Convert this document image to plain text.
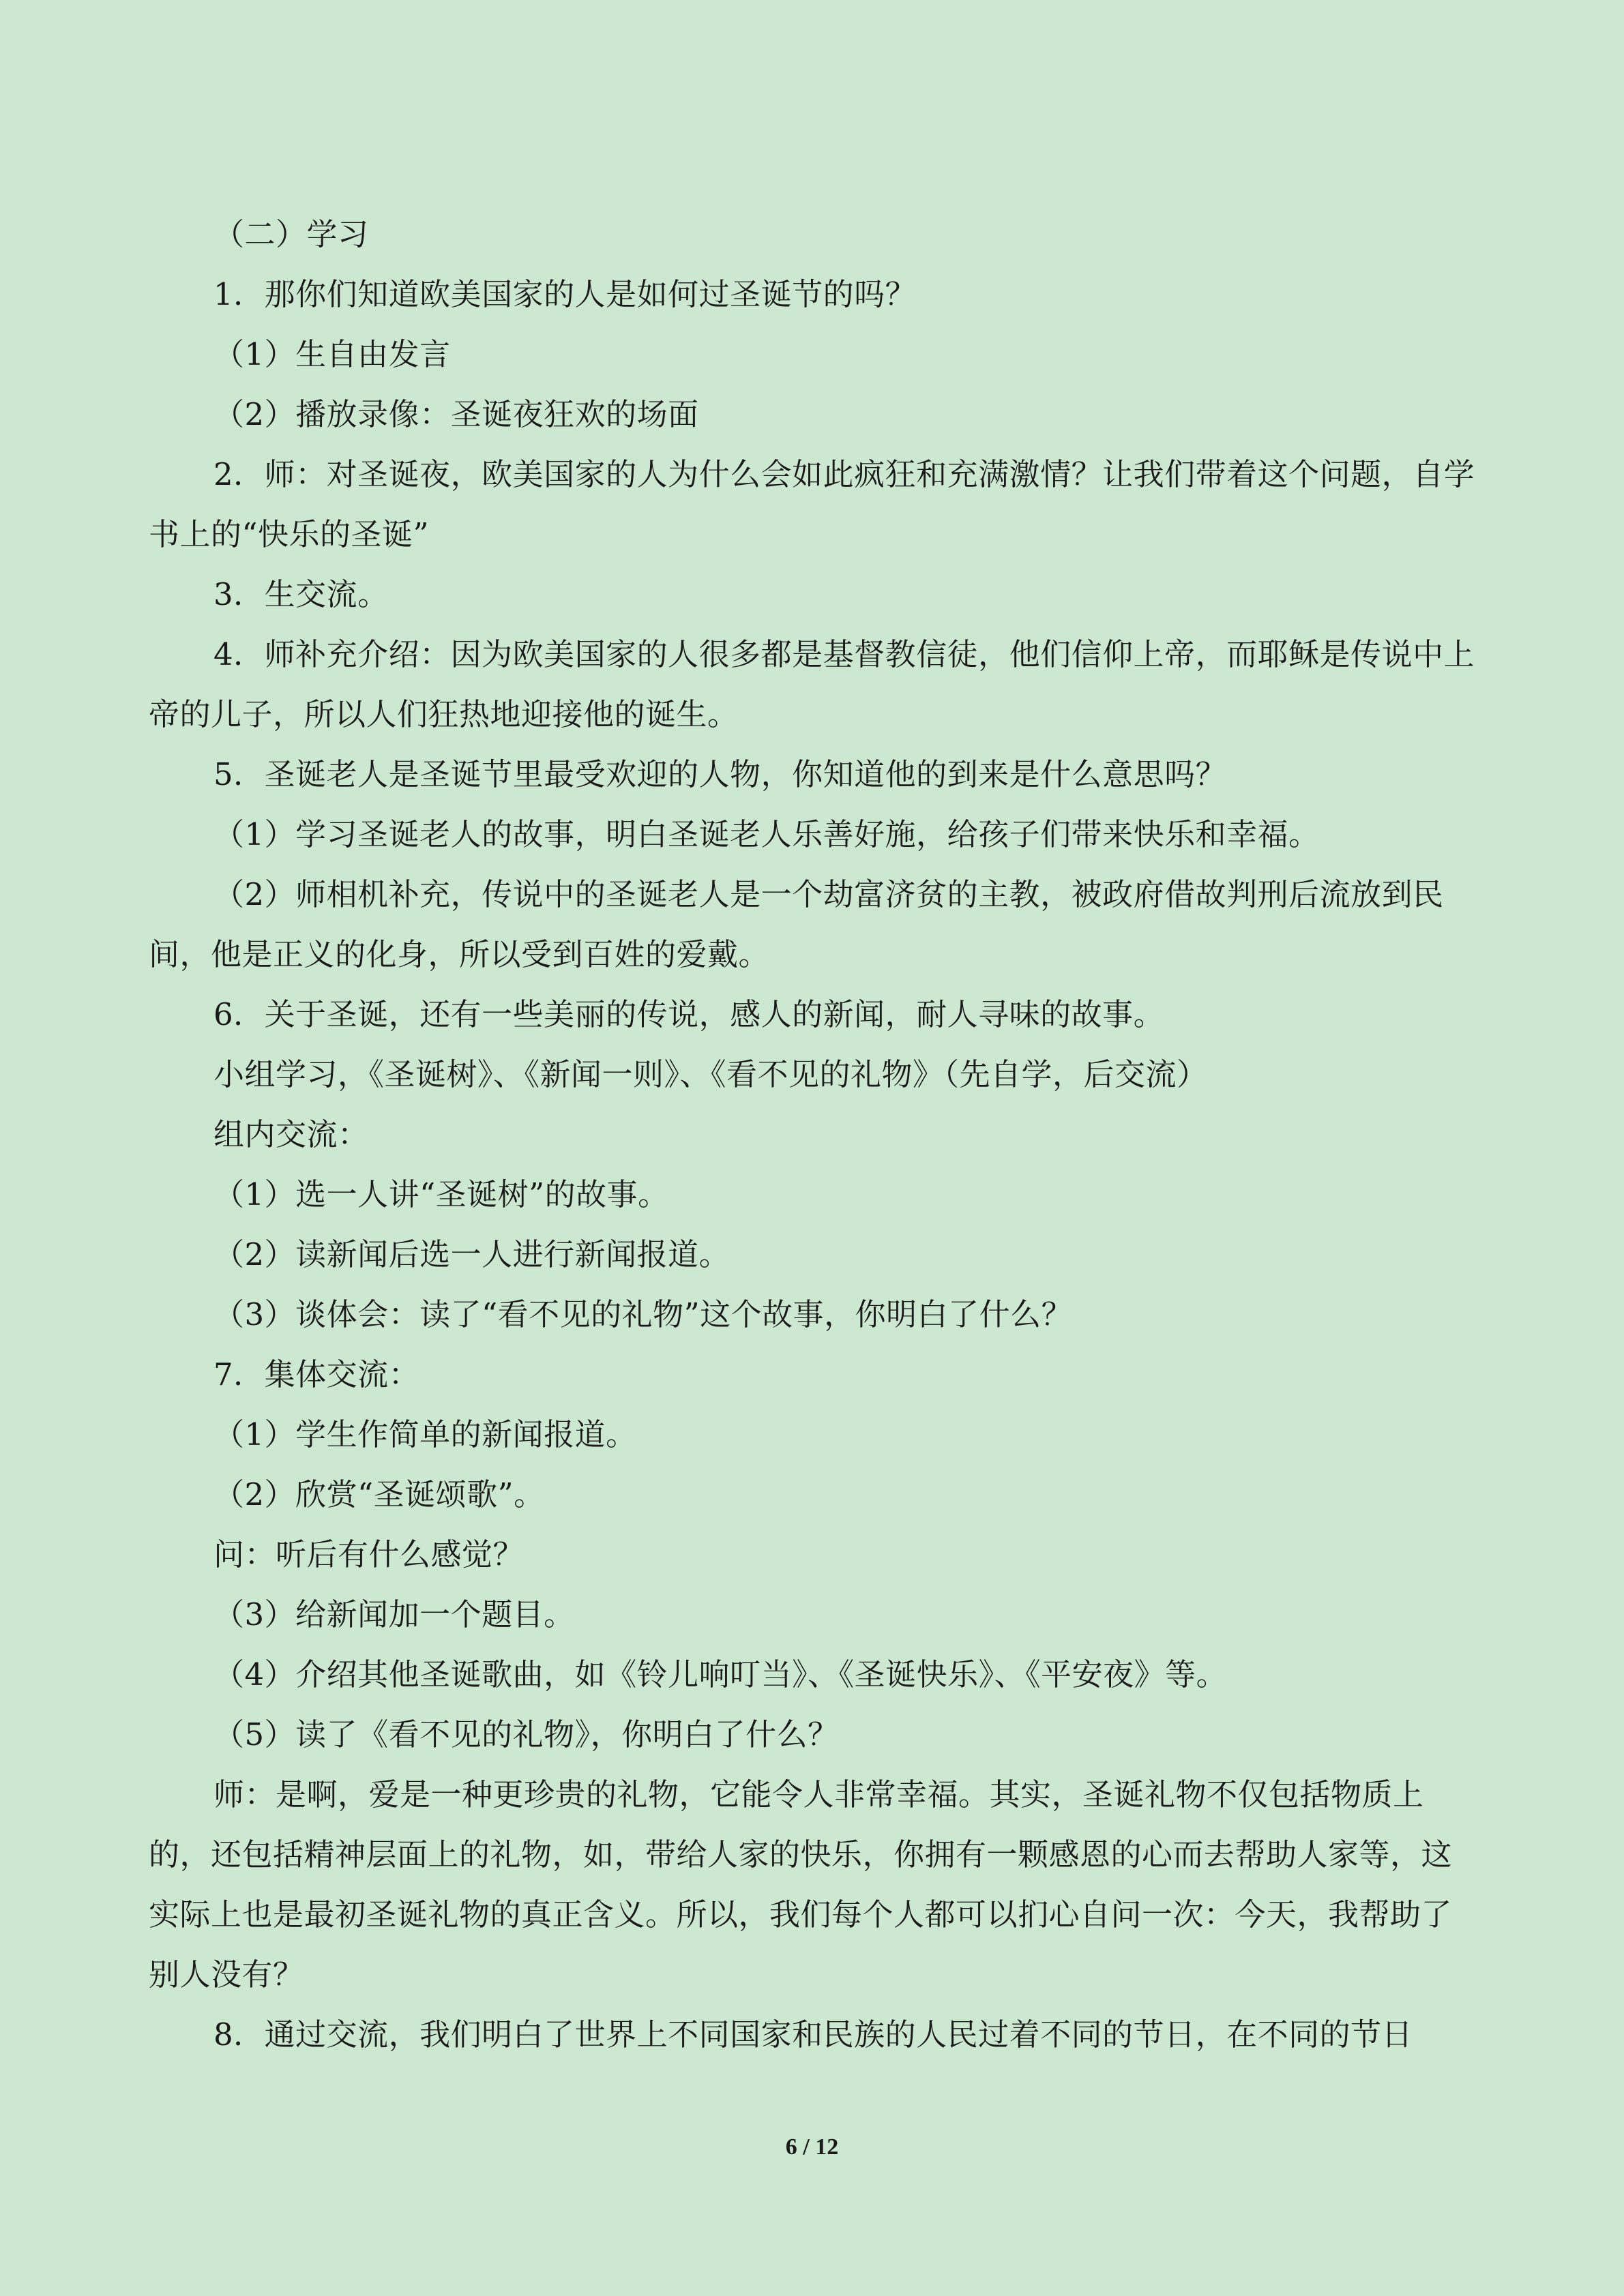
（二）学习

1．那你们知道欧美国家的人是如何过圣诞节的吗？

（1）生自由发言

（2）播放录像：圣诞夜狂欢的场面

2．师：对圣诞夜，欧美国家的人为什么会如此疯狂和充满激情？让我们带着这个问题，自学书上的“快乐的圣诞”

3．生交流。

4．师补充介绍：因为欧美国家的人很多都是基督教信徒，他们信仰上帝，而耶稣是传说中上帝的儿子，所以人们狂热地迎接他的诞生。

5．圣诞老人是圣诞节里最受欢迎的人物，你知道他的到来是什么意思吗？

（1）学习圣诞老人的故事，明白圣诞老人乐善好施，给孩子们带来快乐和幸福。

（2）师相机补充，传说中的圣诞老人是一个劫富济贫的主教，被政府借故判刑后流放到民间，他是正义的化身，所以受到百姓的爱戴。

6．关于圣诞，还有一些美丽的传说，感人的新闻，耐人寻味的故事。

小组学习，《圣诞树》、《新闻一则》、《看不见的礼物》（先自学，后交流）

组内交流：

（1）选一人讲“圣诞树”的故事。

（2）读新闻后选一人进行新闻报道。

（3）谈体会：读了“看不见的礼物”这个故事，你明白了什么？

7．集体交流：

（1）学生作简单的新闻报道。

（2）欣赏“圣诞颂歌”。

问：听后有什么感觉？

（3）给新闻加一个题目。

（4）介绍其他圣诞歌曲，如《铃儿响叮当》、《圣诞快乐》、《平安夜》等。

（5）读了《看不见的礼物》，你明白了什么？

师：是啊，爱是一种更珍贵的礼物，它能令人非常幸福。其实，圣诞礼物不仅包括物质上的，还包括精神层面上的礼物，如，带给人家的快乐，你拥有一颗感恩的心而去帮助人家等，这实际上也是最初圣诞礼物的真正含义。所以，我们每个人都可以扪心自问一次：今天，我帮助了别人没有？

8．通过交流，我们明白了世界上不同国家和民族的人民过着不同的节日，在不同的节日

6 / 12
